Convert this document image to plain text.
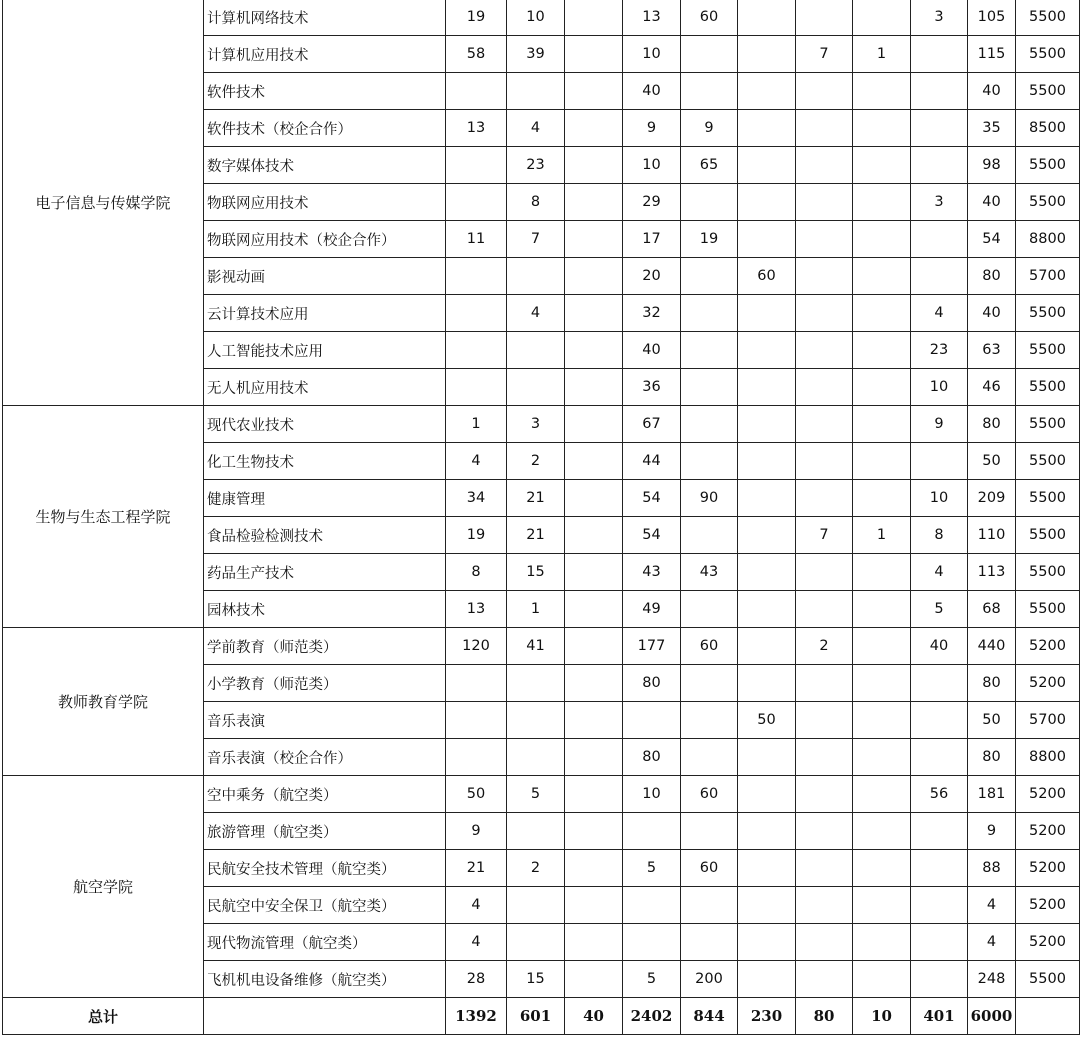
电子信息与传媒学院	计算机网络技术	19	10		13	60				3	105	5500
	计算机应用技术	58	39		10			7	1		115	5500
	软件技术				40						40	5500
	软件技术（校企合作）	13	4		9	9					35	8500
	数字媒体技术		23		10	65					98	5500
	物联网应用技术		8		29					3	40	5500
	物联网应用技术（校企合作）	11	7		17	19					54	8800
	影视动画				20		60				80	5700
	云计算技术应用		4		32					4	40	5500
	人工智能技术应用				40					23	63	5500
	无人机应用技术				36					10	46	5500
生物与生态工程学院	现代农业技术	1	3		67					9	80	5500
	化工生物技术	4	2		44						50	5500
	健康管理	34	21		54	90				10	209	5500
	食品检验检测技术	19	21		54			7	1	8	110	5500
	药品生产技术	8	15		43	43				4	113	5500
	园林技术	13	1		49					5	68	5500
教师教育学院	学前教育（师范类）	120	41		177	60		2		40	440	5200
	小学教育（师范类）				80						80	5200
	音乐表演						50				50	5700
	音乐表演（校企合作）				80						80	8800
航空学院	空中乘务（航空类）	50	5		10	60				56	181	5200
	旅游管理（航空类）	9									9	5200
	民航安全技术管理（航空类）	21	2		5	60					88	5200
	民航空中安全保卫（航空类）	4									4	5200
	现代物流管理（航空类）	4									4	5200
	飞机机电设备维修（航空类）	28	15		5	200					248	5500
总计		1392	601	40	2402	844	230	80	10	401	6000	
